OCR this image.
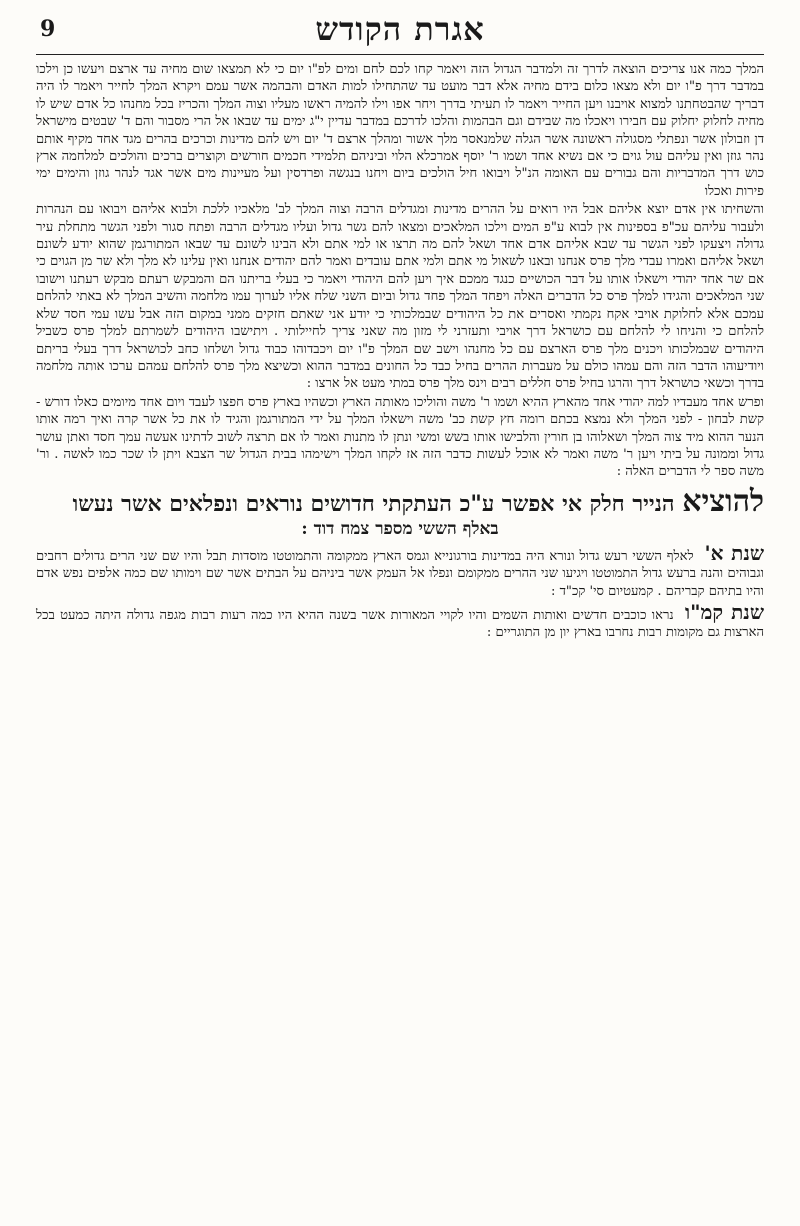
9	אגרת הקודש

המלך כמה אנו צריכים הוצאה לדרך זה ולמדבר הגדול הזה ויאמר קחו לכם לחם ומים לפ"ו יום כי לא תמצאו שום מחיה עד ארצם ויעשו כן וילכו במדבר דרך פ"ו יום ולא מצאו כלום בידם מחיה אלא דבר מועט עד שהתחילו למות האדם והבהמה אשר עמם ויקרא המלך לחייר ויאמר לו היה דבריך שהבטחתנו למצוא אויבנו ויען החייר ויאמר לו תעיתי בדרך ויחר אפו וילו להמיה ראשו מעליו וצוה המלך והכריז בכל מחנהו כל אדם שיש לו מחיה לחלוק יחלוק עם חבירו ויאכלו מה שבידם וגם הבהמות והלכו לדרכם במדבר עדיין י"ג ימים עד שבאו אל הרי מסבור והם ד' שבטים מישראל דן וזבולון אשר ונפתלי מסגולה ראשונה אשר הגלה שלמנאסר מלך אשור ומהלך ארצם ד' יום ויש להם מדינות וכרכים בהרים מגד אחד מקיף אותם נהר גוזן ואין עליהם עול גוים כי אם נשיא אחד ושמו ר' יוסף אמרכלא הלוי וביניהם תלמידי חכמים חורשים וקוצרים ברכים והולכים למלחמה ארץ כוש דרך המדבריות והם גבורים עם האומה הנ"ל ויבואו חיל הולכים ביום ויחנו בנגשה ופרדסין ועל מעיינות מים אשר אגד לנהר גוזן והימים ימי פירות ואכלו

והשחיתו אין אדם יוצא אליהם אבל היו רואים על ההרים מדינות ומגדלים הרבה וצוה המלך לב' מלאכיו ללכת ולבוא אליהם ויבואו עם הנהרות ולעבור עליהם עכ"פ בספינות אין לבוא ע"פ המים וילכו המלאכים ומצאו להם גשר גדול ועליו מגדלים הרבה ופתח סגור ולפני הגשר מתחלת עיר גדולה ויצעקו לפני הגשר עד שבא אליהם אדם אחד ושאל להם מה תרצו או למי אתם ולא הבינו לשונם עד שבאו המתורגמן שהוא יודע לשונם ושאל אליהם ואמרו עבדי מלך פרס אנחנו ובאנו לשאול מי אתם ולמי אתם עובדים ואמר להם יהודים אנחנו ואין עלינו לא מלך ולא שר מן הגוים כי אם שר אחד יהודי וישאלו אותו על דבר הכושיים כנגד ממכם איך ויען להם היהודי ויאמר כי בעלי בריתנו הם והמבקש רעתם מבקש רעתנו וישובו שני המלאכים והגידו למלך פרס כל הדברים האלה ויפחד המלך פחד גדול וביום השני שלח אליו לערוך עמו מלחמה והשיב המלך לא באתי להלחם עמכם אלא לחלוקת אויבי אקח נקמתי ואסרים את כל היהודים שבמלכותי כי יודע אני שאתם חזקים ממני במקום הזה אבל עשו עמי חסד שלא להלחם כי והניחו לי להלחם עם כושראל דרך אויבי ותעזרני לי מזון מה שאני צריך לחיילותי . ויתישבו היהודים לשמרתם למלך פרס כשביל היהודים שבמלכותו ויכנים מלך פרס הארצם עם כל מחנהו וישב שם המלך פ"ו יום ויכבדוהו כבוד גדול ושלחו כחב לכושראל דרך בעלי בריתם ויודיעוהו הדבר הזה והם עמהו כולם על מעברות ההרים בחיל כבד כל החונים במדבר ההוא וכשיצא מלך פרס להלחם עמהם ערכו אותה מלחמה בדרך וכשאי כושראל דרך והרגו בחיל פרס חללים רבים וינס מלך פרס במתי מעט אל ארצו :

ופרש אחד מעבדיו למה יהודי אחד מהארץ ההיא ושמו ר' משה והוליכו מאותה הארץ וכשהיו בארץ פרס חפצו לעבד ויום אחד מיומים כאלו דורש - קשת לבחון - לפני המלך ולא נמצא בכתם רומה חץ קשת כב' משה וישאלו המלך על ידי המתורגמן והגיד לו את כל אשר קרה ואיך רמה אותו הנער ההוא מיד צוה המלך ושאלוהו בן חורין והלבישו אותו בשש ומשי ונתן לו מתנות ואמר לו אם תרצה לשוב לדתינו אעשה עמך חסד ואתן עושר גדול וממונה על ביתי ויען ר' משה ואמר לא אוכל לעשות כדבר הזה אז לקחו המלך וישימהו בבית הגדול שר הצבא ויתן לו שכר כמו לאשה . ור' משה ספר לי הדברים האלה :

להוציא הנייר חלק אי אפשר ע"כ העתקתי חדושים נוראים ונפלאים אשר נעשו
באלף הששי מספר צמח דוד :

שנת א' לאלף הששי רעש גדול ונורא היה במדינות בורגונייא וגמס הארץ ממקומה והתמוטטו מוסדות תבל והיו שם שני הרים גדולים רחבים וגבוהים והנה ברעש גדול התמוטטו ויגיעו שני ההרים ממקומם ונפלו אל העמק אשר ביניהם על הבתים אשר שם וימותו שם כמה אלפים נפש אדם והיו בתיהם קבריהם . קמעטיום סי' קכ"ד :

שנת קמ"ו נראו כוכבים חדשים ואותות השמים והיו לקויי המאורות אשר בשנה ההיא היו כמה רעות רבות מגפה גדולה היתה כמעט בכל הארצות גם מקומות רבות נחרבו בארץ יון מן התוגריים :
